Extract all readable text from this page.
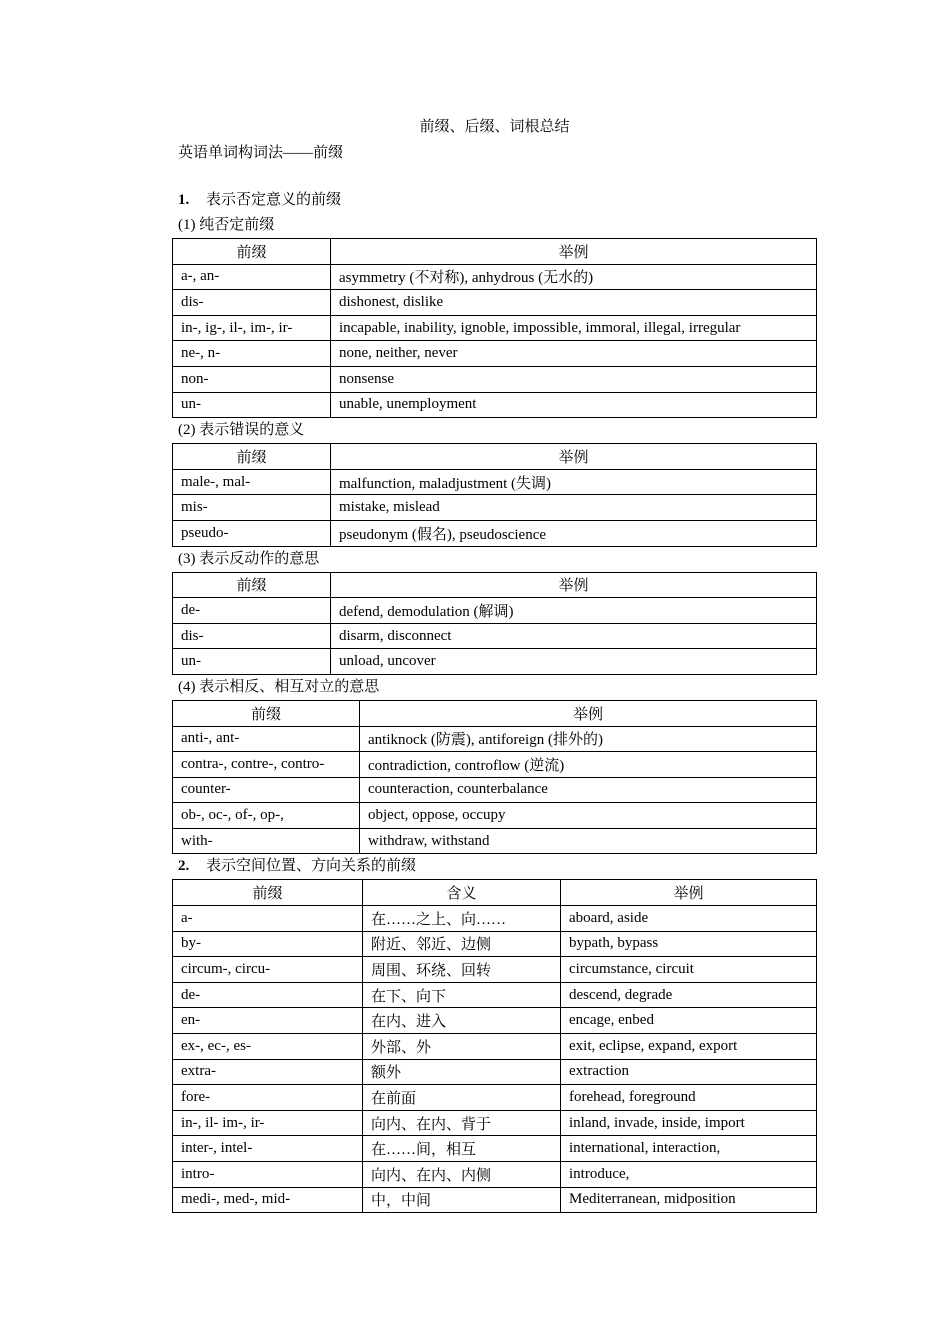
前缀、后缀、词根总结
英语单词构词法——前缀
1. 表示否定意义的前缀
(1) 纯否定前缀
前缀	举例
a-, an-	asymmetry (不对称), anhydrous (无水的)
dis-	dishonest, dislike
in-, ig-, il-, im-, ir-	incapable, inability, ignoble, impossible, immoral, illegal, irregular
ne-, n-	none, neither, never
non-	nonsense
un-	unable, unemployment
(2) 表示错误的意义
前缀	举例
male-, mal-	malfunction, maladjustment (失调)
mis-	mistake, mislead
pseudo-	pseudonym (假名), pseudoscience
(3) 表示反动作的意思
前缀	举例
de-	defend, demodulation (解调)
dis-	disarm, disconnect
un-	unload, uncover
(4) 表示相反、相互对立的意思
前缀	举例
anti-, ant-	antiknock (防震), antiforeign (排外的)
contra-, contre-, contro-	contradiction, controflow (逆流)
counter-	counteraction, counterbalance
ob-, oc-, of-, op-,	object, oppose, occupy
with-	withdraw, withstand
2. 表示空间位置、方向关系的前缀
前缀	含义	举例
a-	在……之上、向……	aboard, aside
by-	附近、邻近、边侧	bypath, bypass
circum-, circu-	周围、环绕、回转	circumstance, circuit
de-	在下、向下	descend, degrade
en-	在内、进入	encage, enbed
ex-, ec-, es-	外部、外	exit, eclipse, expand, export
extra-	额外	extraction
fore-	在前面	forehead, foreground
in-, il- im-, ir-	向内、在内、背于	inland, invade, inside, import
inter-, intel-	在……间，相互	international, interaction,
intro-	向内、在内、内侧	introduce,
medi-, med-, mid-	中，中间	Mediterranean, midposition
